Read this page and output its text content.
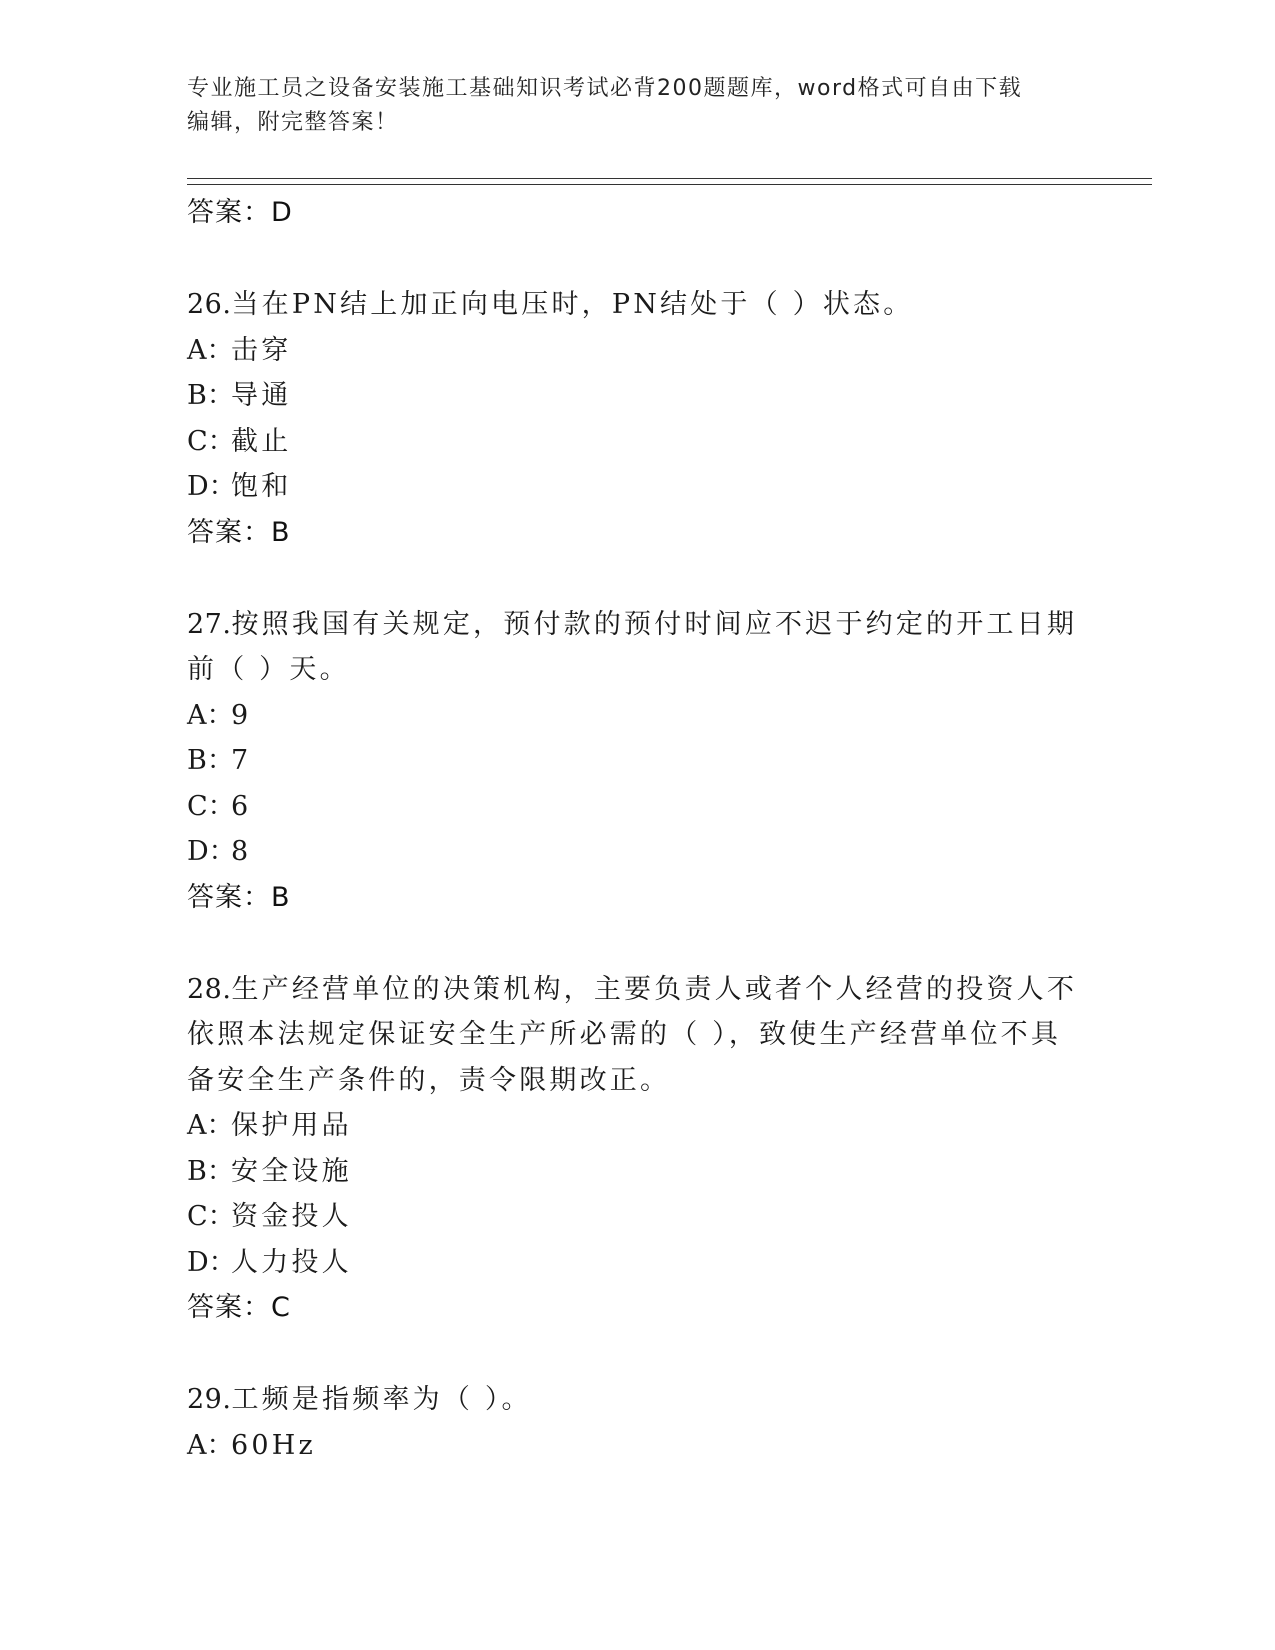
专业施工员之设备安装施工基础知识考试必背200题题库，word格式可自由下载
编辑，附完整答案！
答案：D
26.当在PN结上加正向电压时，PN结处于（ ）状态。
A：击穿
B：导通
C：截止
D：饱和
答案：B
27.按照我国有关规定，预付款的预付时间应不迟于约定的开工日期前（ ）天。
A：9
B：7
C：6
D：8
答案：B
28.生产经营单位的决策机构，主要负责人或者个人经营的投资人不依照本法规定保证安全生产所必需的（ ），致使生产经营单位不具备安全生产条件的，责令限期改正。
A：保护用品
B：安全设施
C：资金投人
D：人力投人
答案：C
29.工频是指频率为（ ）。
A：60Hz
